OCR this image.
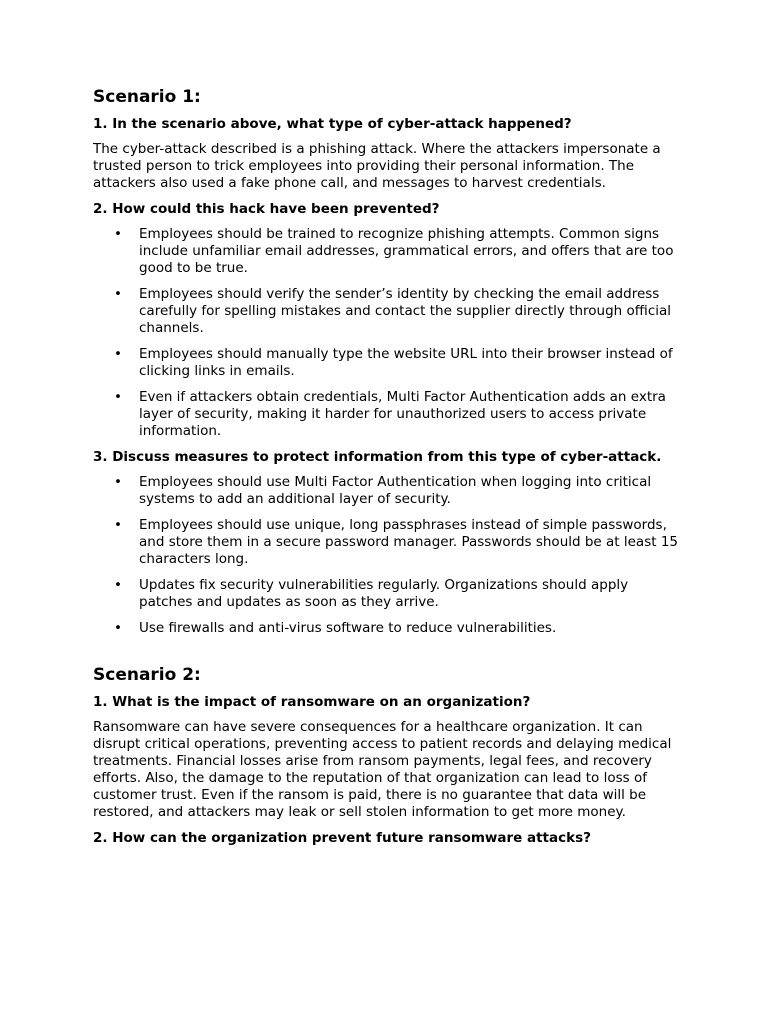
Scenario 1:
1. In the scenario above, what type of cyber-attack happened?

The cyber-attack described is a phishing attack. Where the attackers impersonate a trusted person to trick employees into providing their personal information. The attackers also used a fake phone call, and messages to harvest credentials.

2. How could this hack have been prevented?
• Employees should be trained to recognize phishing attempts. Common signs include unfamiliar email addresses, grammatical errors, and offers that are too good to be true.
• Employees should verify the sender’s identity by checking the email address carefully for spelling mistakes and contact the supplier directly through official channels.
• Employees should manually type the website URL into their browser instead of clicking links in emails.
• Even if attackers obtain credentials, Multi Factor Authentication adds an extra layer of security, making it harder for unauthorized users to access private information.
3. Discuss measures to protect information from this type of cyber-attack.
• Employees should use Multi Factor Authentication when logging into critical systems to add an additional layer of security.
• Employees should use unique, long passphrases instead of simple passwords, and store them in a secure password manager. Passwords should be at least 15 characters long.
• Updates fix security vulnerabilities regularly. Organizations should apply patches and updates as soon as they arrive.
• Use firewalls and anti-virus software to reduce vulnerabilities.
Scenario 2:
1. What is the impact of ransomware on an organization?

Ransomware can have severe consequences for a healthcare organization. It can disrupt critical operations, preventing access to patient records and delaying medical treatments. Financial losses arise from ransom payments, legal fees, and recovery efforts. Also, the damage to the reputation of that organization can lead to loss of customer trust. Even if the ransom is paid, there is no guarantee that data will be restored, and attackers may leak or sell stolen information to get more money.

2. How can the organization prevent future ransomware attacks?
